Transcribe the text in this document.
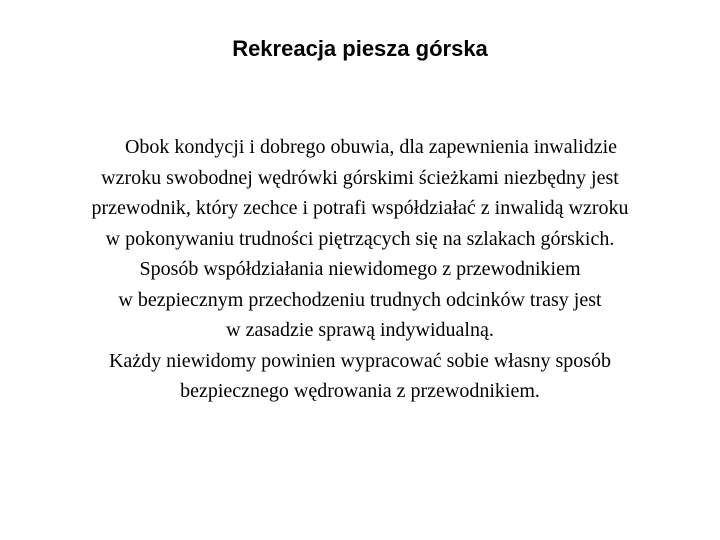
Rekreacja piesza górska
Obok kondycji i dobrego obuwia, dla zapewnienia inwalidzie
wzroku swobodnej wędrówki górskimi ścieżkami niezbędny jest
przewodnik, który zechce i potrafi współdziałać z inwalidą wzroku
w pokonywaniu trudności piętrzących się na szlakach górskich.
Sposób współdziałania niewidomego z przewodnikiem
w bezpiecznym przechodzeniu trudnych odcinków trasy jest
w zasadzie sprawą indywidualną.
Każdy niewidomy powinien wypracować sobie własny sposób
bezpiecznego wędrowania z przewodnikiem.
